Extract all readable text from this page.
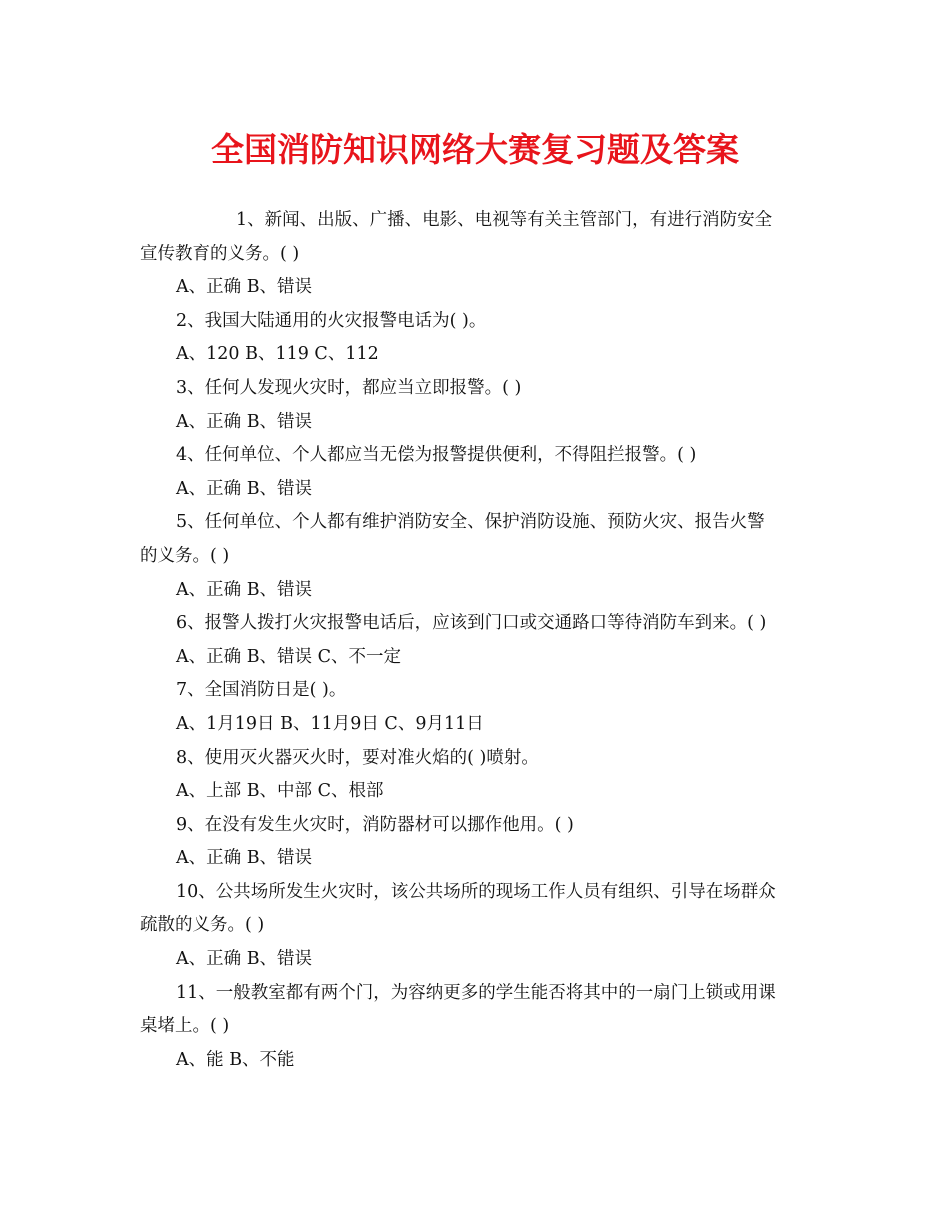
全国消防知识网络大赛复习题及答案
1、新闻、出版、广播、电影、电视等有关主管部门，有进行消防安全
宣传教育的义务。( )
A、正确 B、错误
2、我国大陆通用的火灾报警电话为( )。
A、120 B、119 C、112
3、任何人发现火灾时，都应当立即报警。( )
A、正确 B、错误
4、任何单位、个人都应当无偿为报警提供便利，不得阻拦报警。( )
A、正确 B、错误
5、任何单位、个人都有维护消防安全、保护消防设施、预防火灾、报告火警
的义务。( )
A、正确 B、错误
6、报警人拨打火灾报警电话后，应该到门口或交通路口等待消防车到来。( )
A、正确 B、错误 C、不一定
7、全国消防日是( )。
A、1月19日 B、11月9日 C、9月11日
8、使用灭火器灭火时，要对准火焰的( )喷射。
A、上部 B、中部 C、根部
9、在没有发生火灾时，消防器材可以挪作他用。( )
A、正确 B、错误
10、公共场所发生火灾时，该公共场所的现场工作人员有组织、引导在场群众
疏散的义务。( )
A、正确 B、错误
11、一般教室都有两个门，为容纳更多的学生能否将其中的一扇门上锁或用课
桌堵上。( )
A、能 B、不能
